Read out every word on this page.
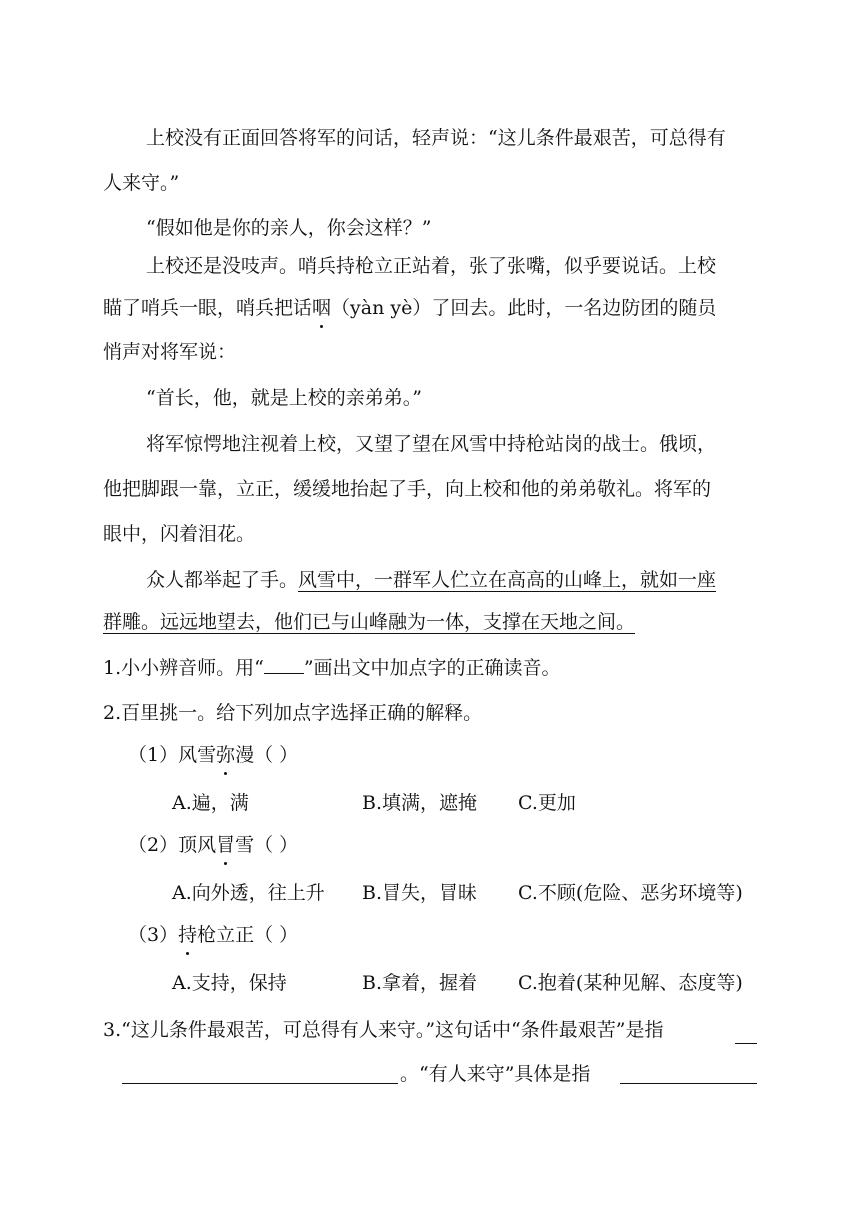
上校没有正面回答将军的问话，轻声说：“这儿条件最艰苦，可总得有
人来守。”
“假如他是你的亲人，你会这样？”
上校还是没吱声。哨兵持枪立正站着，张了张嘴，似乎要说话。上校
瞄了哨兵一眼，哨兵把话咽（yàn yè）了回去。此时，一名边防团的随员
悄声对将军说：
“首长，他，就是上校的亲弟弟。”
将军惊愕地注视着上校，又望了望在风雪中持枪站岗的战士。俄顷，
他把脚跟一靠，立正，缓缓地抬起了手，向上校和他的弟弟敬礼。将军的
眼中，闪着泪花。
众人都举起了手。风雪中，一群军人伫立在高高的山峰上，就如一座
群雕。远远地望去，他们已与山峰融为一体，支撑在天地之间。
1.小小辨音师。用“ ”画出文中加点字的正确读音。
2.百里挑一。给下列加点字选择正确的解释。
（1）风雪弥漫（ ）
A.遍，满	B.填满，遮掩 C.更加
（2）顶风冒雪（ ）
A.向外透，往上升 B.冒失，冒昧 C.不顾(危险、恶劣环境等)
（3）持枪立正（ ）
A.支持，保持	B.拿着，握着 C.抱着(某种见解、态度等)
3.“这儿条件最艰苦，可总得有人来守。”这句话中“条件最艰苦”是指
。“有人来守”具体是指
